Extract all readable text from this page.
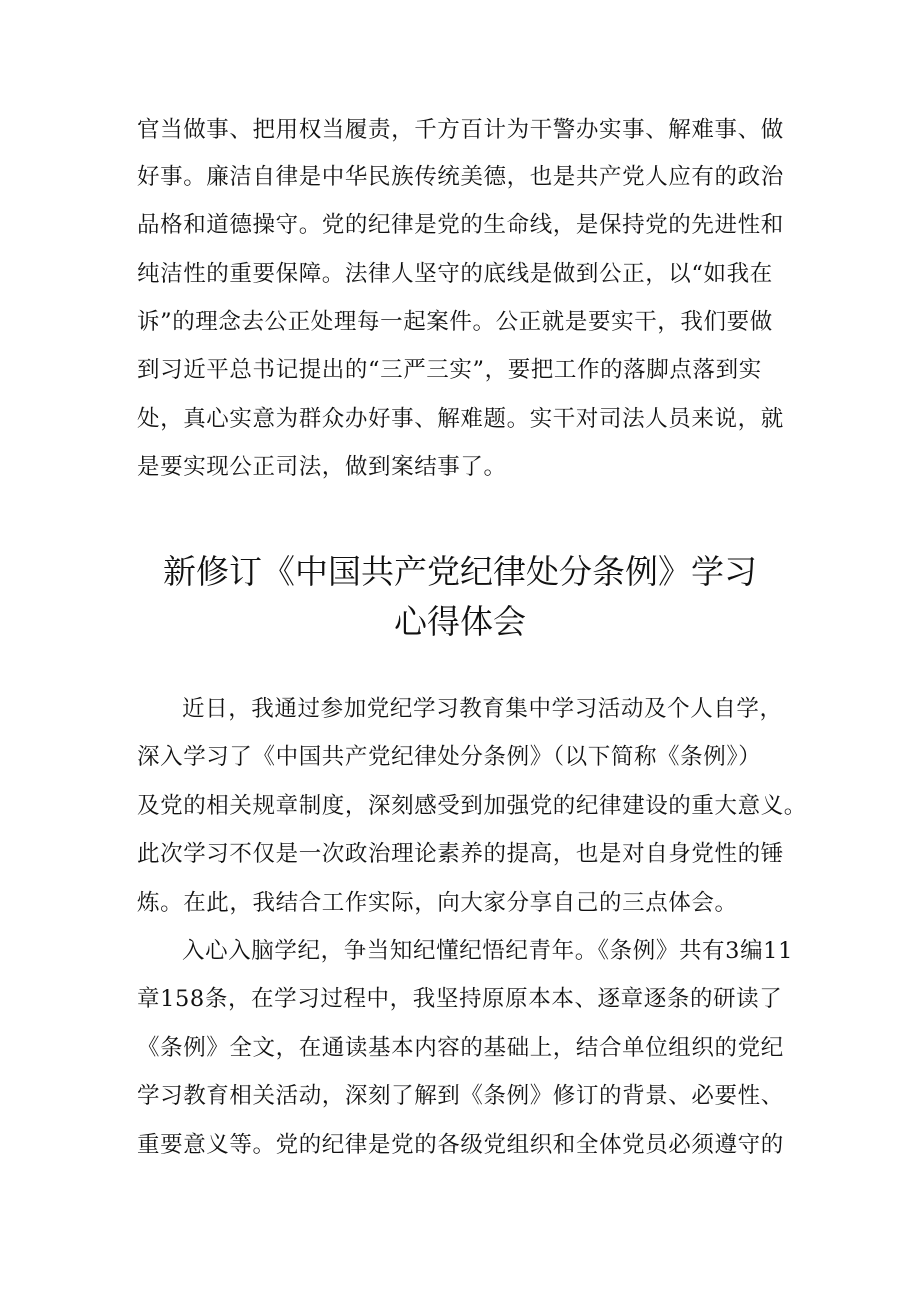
官当做事、把用权当履责，千方百计为干警办实事、解难事、做
好事。廉洁自律是中华民族传统美德，也是共产党人应有的政治
品格和道德操守。党的纪律是党的生命线，是保持党的先进性和
纯洁性的重要保障。法律人坚守的底线是做到公正，以“如我在
诉”的理念去公正处理每一起案件。公正就是要实干，我们要做
到习近平总书记提出的“三严三实”，要把工作的落脚点落到实
处，真心实意为群众办好事、解难题。实干对司法人员来说，就
是要实现公正司法，做到案结事了。
新修订《中国共产党纪律处分条例》学习
心得体会
近日，我通过参加党纪学习教育集中学习活动及个人自学，
深入学习了《中国共产党纪律处分条例》（以下简称《条例》）
及党的相关规章制度，深刻感受到加强党的纪律建设的重大意义。
此次学习不仅是一次政治理论素养的提高，也是对自身党性的锤
炼。在此，我结合工作实际，向大家分享自己的三点体会。
入心入脑学纪，争当知纪懂纪悟纪青年。《条例》共有3编11
章158条，在学习过程中，我坚持原原本本、逐章逐条的研读了
《条例》全文，在通读基本内容的基础上，结合单位组织的党纪
学习教育相关活动，深刻了解到《条例》修订的背景、必要性、
重要意义等。党的纪律是党的各级党组织和全体党员必须遵守的
